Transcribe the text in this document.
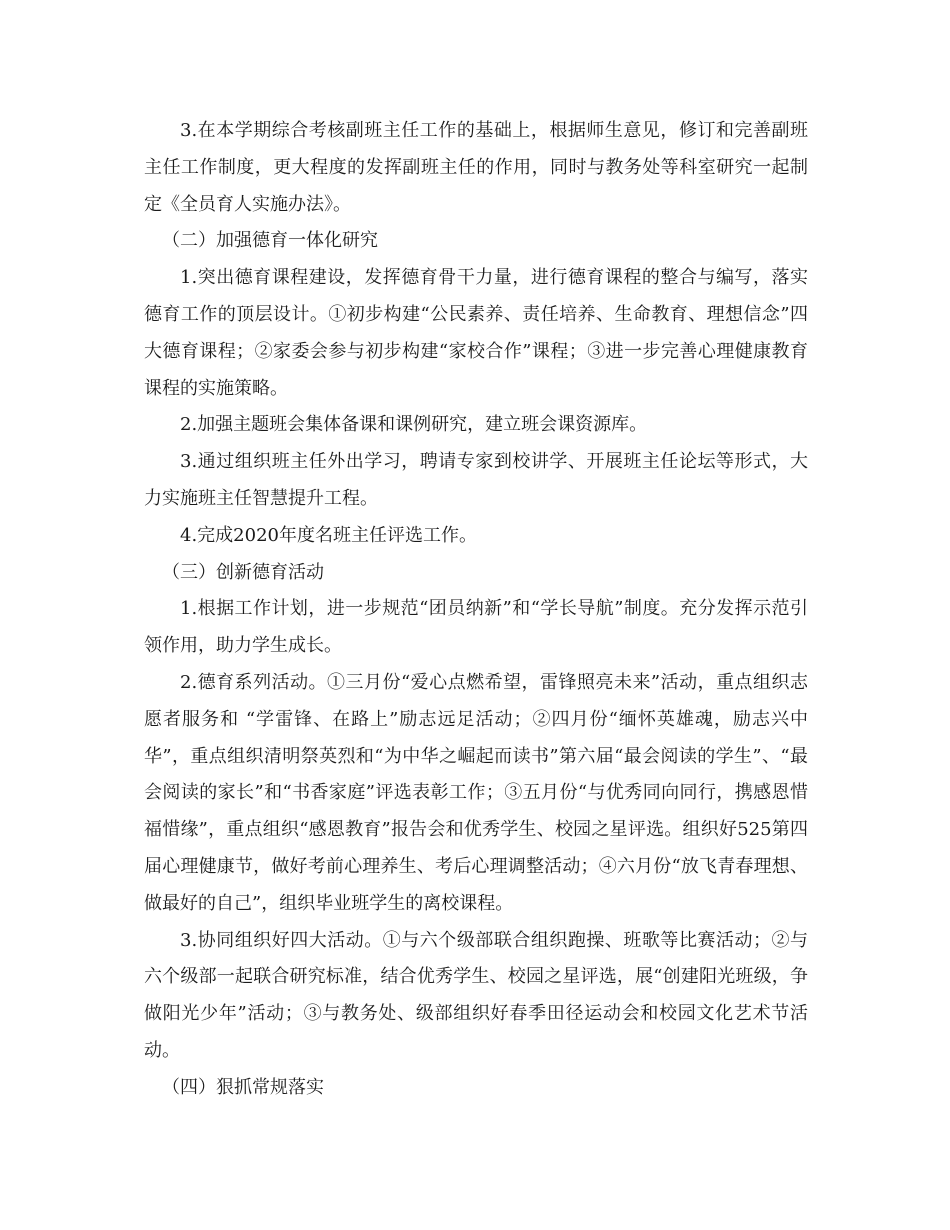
3.在本学期综合考核副班主任工作的基础上，根据师生意见，修订和完善副班主任工作制度，更大程度的发挥副班主任的作用，同时与教务处等科室研究一起制定《全员育人实施办法》。

（二）加强德育一体化研究

1.突出德育课程建设，发挥德育骨干力量，进行德育课程的整合与编写，落实德育工作的顶层设计。①初步构建“公民素养、责任培养、生命教育、理想信念”四大德育课程；②家委会参与初步构建“家校合作”课程；③进一步完善心理健康教育课程的实施策略。

2.加强主题班会集体备课和课例研究，建立班会课资源库。

3.通过组织班主任外出学习，聘请专家到校讲学、开展班主任论坛等形式，大力实施班主任智慧提升工程。

4.完成2020年度名班主任评选工作。

（三）创新德育活动

1.根据工作计划，进一步规范“团员纳新”和“学长导航”制度。充分发挥示范引领作用，助力学生成长。

2.德育系列活动。①三月份“爱心点燃希望，雷锋照亮未来”活动，重点组织志愿者服务和 “学雷锋、在路上”励志远足活动；②四月份“缅怀英雄魂，励志兴中华”，重点组织清明祭英烈和“为中华之崛起而读书”第六届“最会阅读的学生”、“最会阅读的家长”和“书香家庭”评选表彰工作；③五月份“与优秀同向同行，携感恩惜福惜缘”，重点组织“感恩教育”报告会和优秀学生、校园之星评选。组织好525第四届心理健康节，做好考前心理养生、考后心理调整活动；④六月份“放飞青春理想、做最好的自己”，组织毕业班学生的离校课程。

3.协同组织好四大活动。①与六个级部联合组织跑操、班歌等比赛活动；②与六个级部一起联合研究标准，结合优秀学生、校园之星评选，展“创建阳光班级，争做阳光少年”活动；③与教务处、级部组织好春季田径运动会和校园文化艺术节活动。

（四）狠抓常规落实
